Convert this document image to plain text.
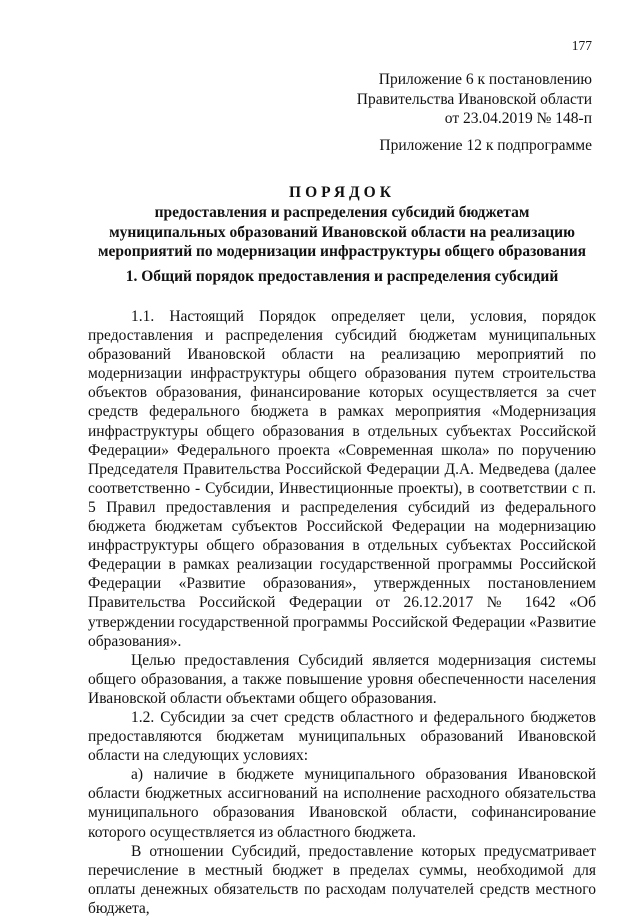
177
Приложение 6 к постановлению
Правительства Ивановской области
от 23.04.2019 № 148-п
Приложение 12 к подпрограмме
ПОРЯДОК
предоставления и распределения субсидий бюджетам
муниципальных образований Ивановской области на реализацию
мероприятий по модернизации инфраструктуры общего образования
1. Общий порядок предоставления и распределения субсидий

1.1. Настоящий Порядок определяет цели, условия, порядок предоставления и распределения субсидий бюджетам муниципальных образований Ивановской области на реализацию мероприятий по модернизации инфраструктуры общего образования путем строительства объектов образования, финансирование которых осуществляется за счет средств федерального бюджета в рамках мероприятия «Модернизация инфраструктуры общего образования в отдельных субъектах Российской Федерации» Федерального проекта «Современная школа» по поручению Председателя Правительства Российской Федерации Д.А. Медведева (далее соответственно - Субсидии, Инвестиционные проекты), в соответствии с п. 5 Правил предоставления и распределения субсидий из федерального бюджета бюджетам субъектов Российской Федерации на модернизацию инфраструктуры общего образования в отдельных субъектах Российской Федерации в рамках реализации государственной программы Российской Федерации «Развитие образования», утвержденных постановлением Правительства Российской Федерации от 26.12.2017 № 1642 «Об утверждении государственной программы Российской Федерации «Развитие образования».

Целью предоставления Субсидий является модернизация системы общего образования, а также повышение уровня обеспеченности населения Ивановской области объектами общего образования.

1.2. Субсидии за счет средств областного и федерального бюджетов предоставляются бюджетам муниципальных образований Ивановской области на следующих условиях:

а) наличие в бюджете муниципального образования Ивановской области бюджетных ассигнований на исполнение расходного обязательства муниципального образования Ивановской области, софинансирование которого осуществляется из областного бюджета.

В отношении Субсидий, предоставление которых предусматривает перечисление в местный бюджет в пределах суммы, необходимой для оплаты денежных обязательств по расходам получателей средств местного бюджета,
